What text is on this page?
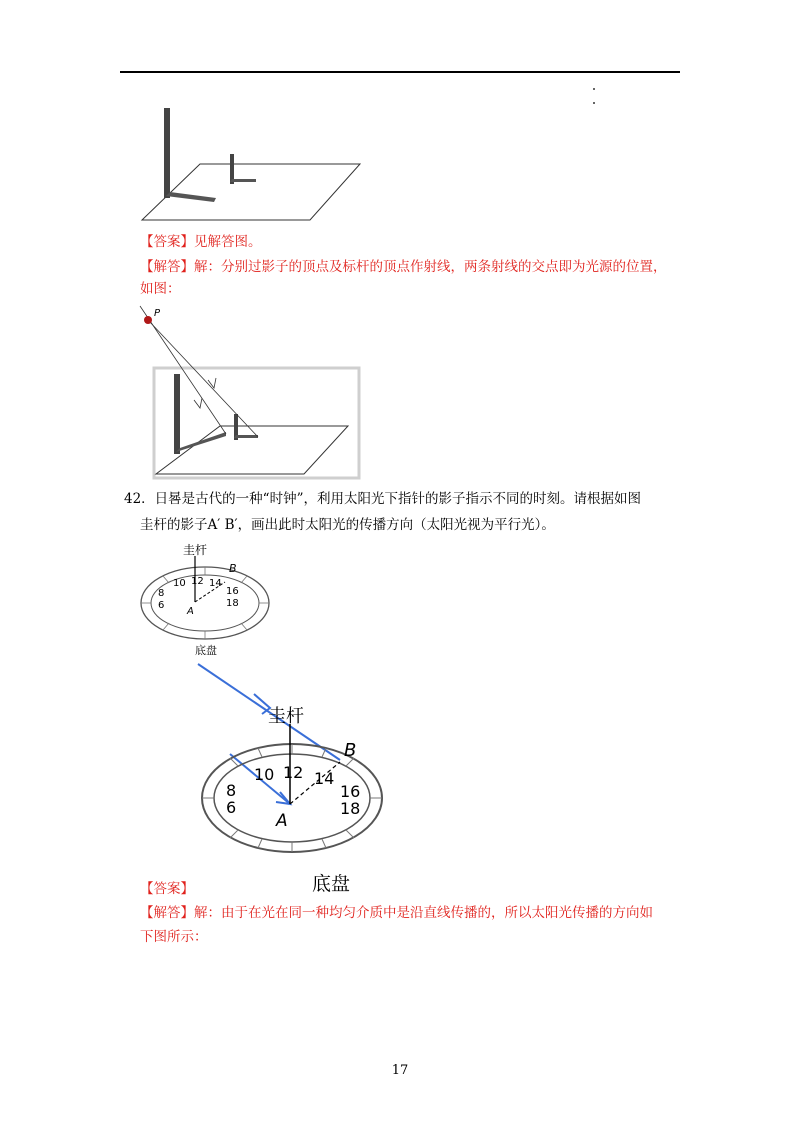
【答案】见解答图。
【解答】解：分别过影子的顶点及标杆的顶点作射线，两条射线的交点即为光源的位置，
如图：
P
42．日晷是古代的一种“时钟”，利用太阳光下指针的影子指示不同的时刻。请根据如图
圭杆的影子A′ B′，画出此时太阳光的传播方向（太阳光视为平行光）。
圭杆
B
A
10 12 14
8
6
16
18
底盘
圭杆
B
A
10 12 14
8
6
16
18
底盘
【答案】
【解答】解：由于在光在同一种均匀介质中是沿直线传播的，所以太阳光传播的方向如
下图所示：
17
